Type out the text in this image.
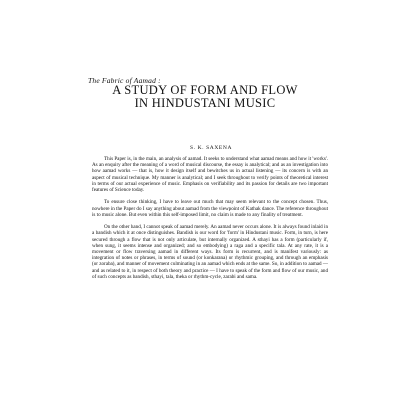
The Fabric of Aamad :
A STUDY OF FORM AND FLOW
IN HINDUSTANI MUSIC
S. K. SAXENA

This Paper is, in the main, an analysis of aamad. It seeks to understand what aamad means and how it 'works'. As an enquiry after the meaning of a word of musical discourse, the essay is analytical; and as an investigation into how aamad works — that is, how it design itself and bewitches us in actual listening — its concern is with an aspect of musical technique. My manner is analytical; and I seek throughout to verify points of theoretical interest in terms of our actual experience of music. Emphasis on verifiability and its passion for details are two important features of Science today.

To ensure close thinking, I have to leave out much that may seem relevant to the concept chosen. Thus, nowhere in the Paper do I say anything about aamad from the viewpoint of Kathak dance. The reference throughout is to music alone. But even within this self-imposed limit, no claim is made to any finality of treatment.

On the other hand, I cannot speak of aamad merely. An aamad never occurs alone. It is always found inlaid in a bandish which it at once distinguishes. Bandish is our word for 'form' in Hindustani music. Form, in turn, is here secured through a flow that is not only articulate, but internally organized. A sthayi has a form (particularly if, when sung, it seems intense and organized; and so embodying) a raga and a specific tala. At any rate, it is a movement or flow traversing aamad in different ways. Its form is recurrent, and is manifest variously: as integration of notes or phrases, in terms of sound (or konkarana) or rhythmic grouping, and through an emphasis (or zoraba), and manner of movement culminating in an aamad which ends at the same. So, in addition to aamad — and as related to it, in respect of both theory and practice — I have to speak of the form and flow of our music, and of such concepts as bandish, sthayi, tala, theka or rhythm-cycle, zarabi and sama.
